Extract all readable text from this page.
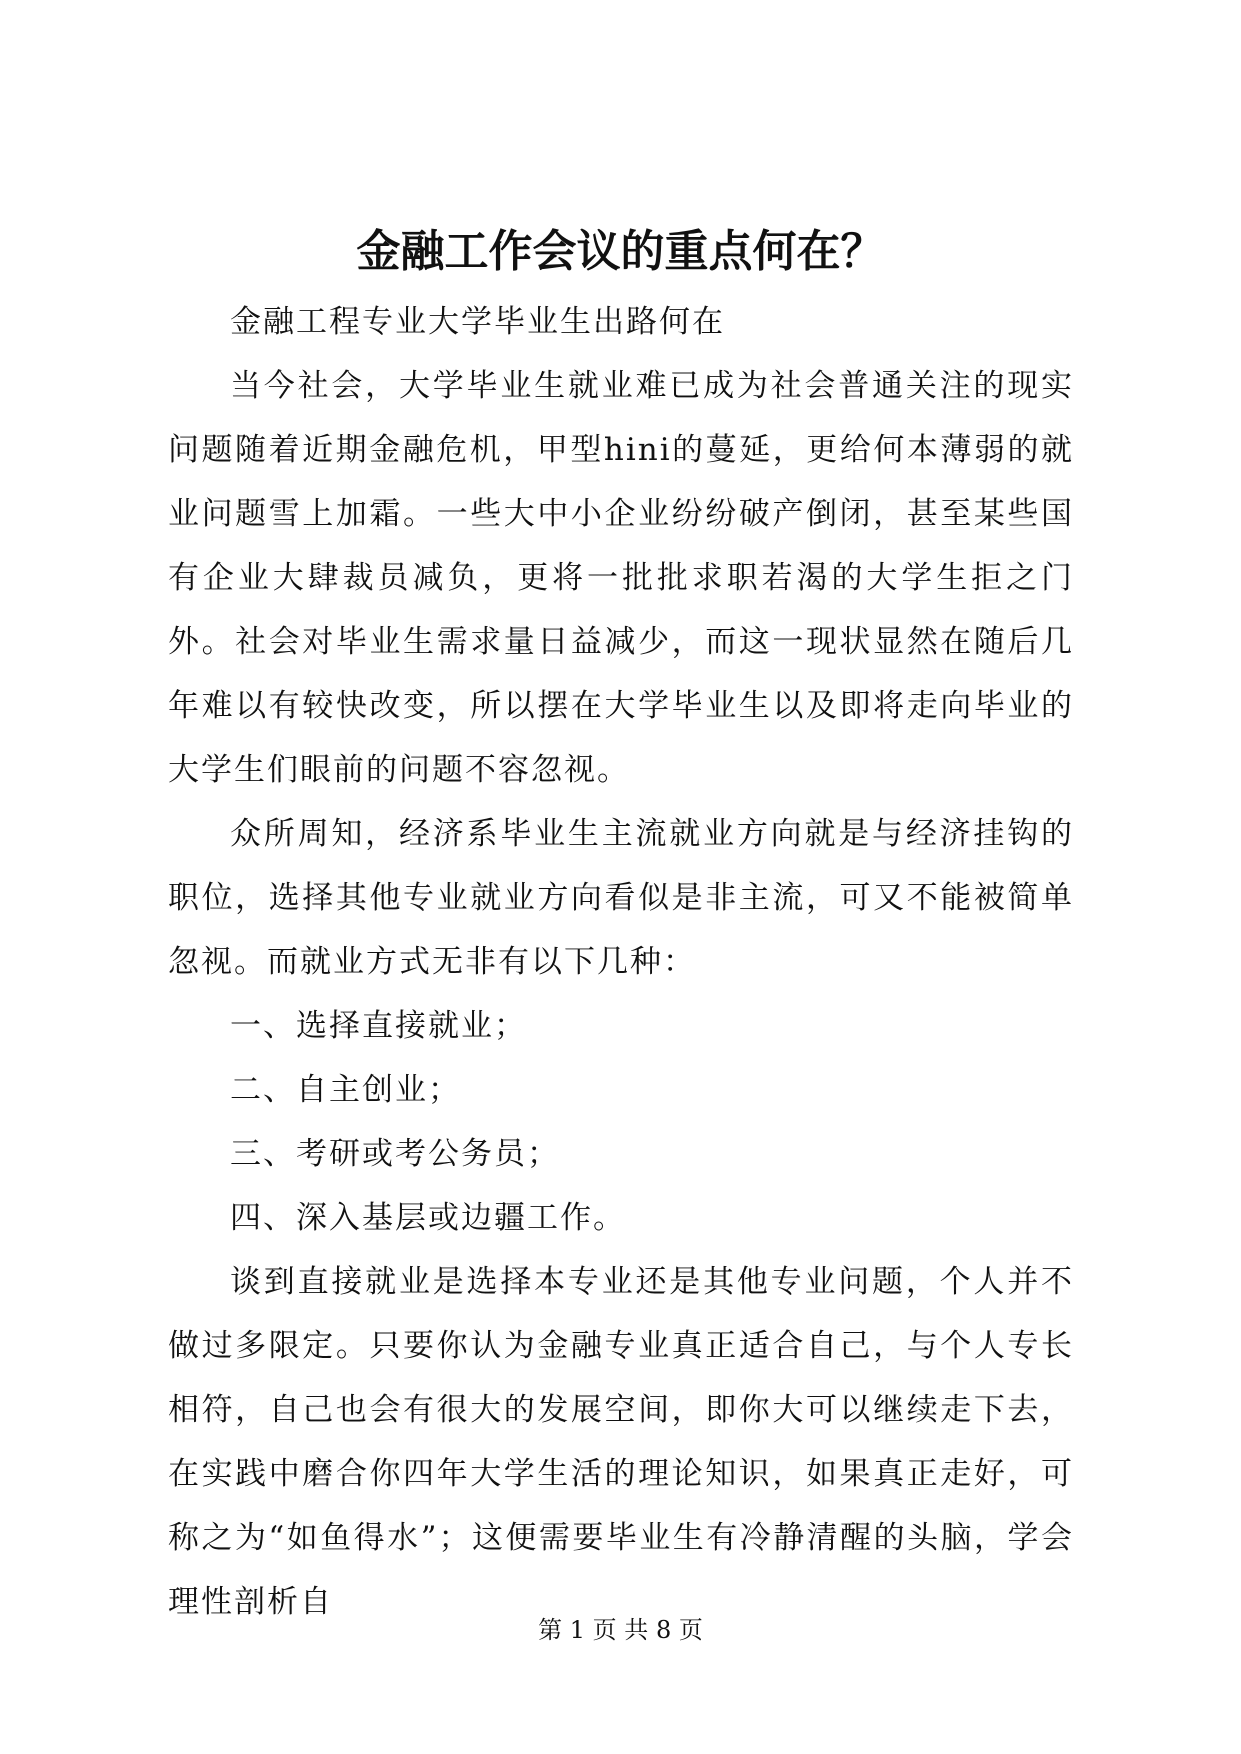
金融工作会议的重点何在？

金融工程专业大学毕业生出路何在

当今社会，大学毕业生就业难已成为社会普通关注的现实问题随着近期金融危机，甲型hini的蔓延，更给何本薄弱的就业问题雪上加霜。一些大中小企业纷纷破产倒闭，甚至某些国有企业大肆裁员减负，更将一批批求职若渴的大学生拒之门外。社会对毕业生需求量日益减少，而这一现状显然在随后几年难以有较快改变，所以摆在大学毕业生以及即将走向毕业的大学生们眼前的问题不容忽视。

众所周知，经济系毕业生主流就业方向就是与经济挂钩的职位，选择其他专业就业方向看似是非主流，可又不能被简单忽视。而就业方式无非有以下几种：

一、选择直接就业；

二、自主创业；

三、考研或考公务员；

四、深入基层或边疆工作。

谈到直接就业是选择本专业还是其他专业问题，个人并不做过多限定。只要你认为金融专业真正适合自己，与个人专长相符，自己也会有很大的发展空间，即你大可以继续走下去，在实践中磨合你四年大学生活的理论知识，如果真正走好，可称之为“如鱼得水”；这便需要毕业生有冷静清醒的头脑，学会理性剖析自

第 1 页 共 8 页
